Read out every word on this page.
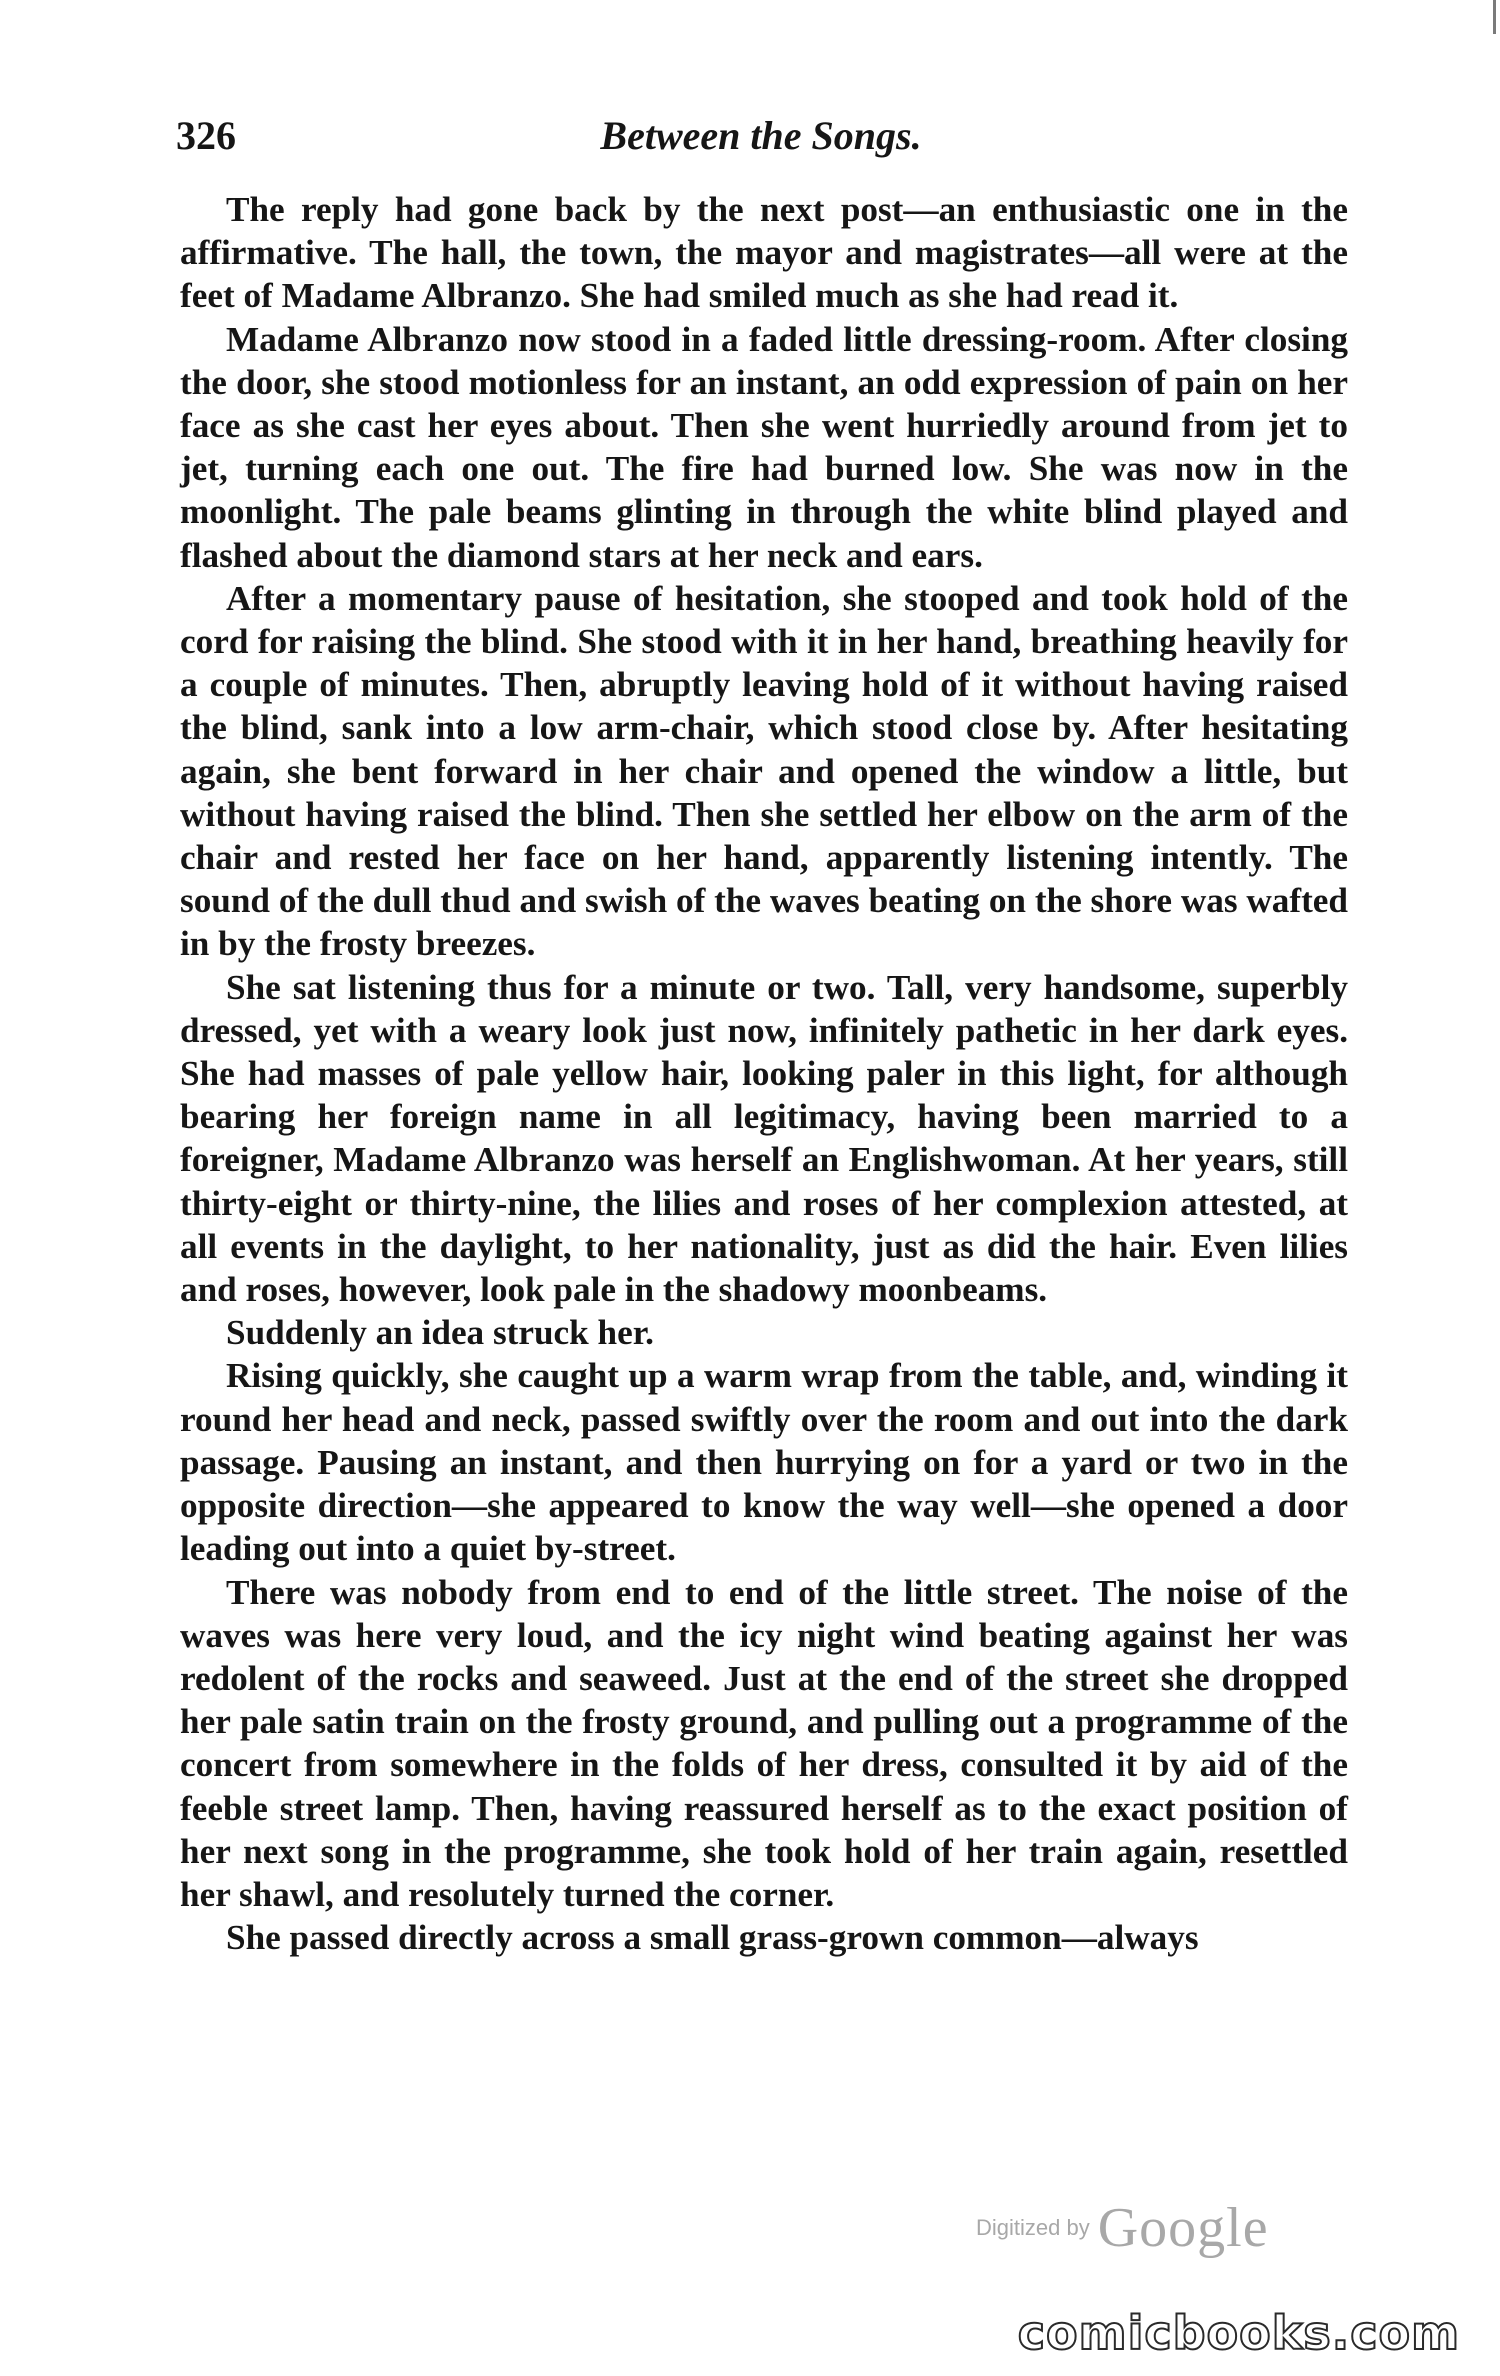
326	Between the Songs.

The reply had gone back by the next post—an enthusiastic one in the affirmative. The hall, the town, the mayor and magistrates—all were at the feet of Madame Albranzo. She had smiled much as she had read it.

Madame Albranzo now stood in a faded little dressing-room. After closing the door, she stood motionless for an instant, an odd expression of pain on her face as she cast her eyes about. Then she went hurriedly around from jet to jet, turning each one out. The fire had burned low. She was now in the moonlight. The pale beams glinting in through the white blind played and flashed about the diamond stars at her neck and ears.

After a momentary pause of hesitation, she stooped and took hold of the cord for raising the blind. She stood with it in her hand, breathing heavily for a couple of minutes. Then, abruptly leaving hold of it without having raised the blind, sank into a low arm-chair, which stood close by. After hesitating again, she bent forward in her chair and opened the window a little, but without having raised the blind. Then she settled her elbow on the arm of the chair and rested her face on her hand, apparently listening intently. The sound of the dull thud and swish of the waves beating on the shore was wafted in by the frosty breezes.

She sat listening thus for a minute or two. Tall, very handsome, superbly dressed, yet with a weary look just now, infinitely pathetic in her dark eyes. She had masses of pale yellow hair, looking paler in this light, for although bearing her foreign name in all legitimacy, having been married to a foreigner, Madame Albranzo was herself an Englishwoman. At her years, still thirty-eight or thirty-nine, the lilies and roses of her complexion attested, at all events in the daylight, to her nationality, just as did the hair. Even lilies and roses, however, look pale in the shadowy moonbeams.

Suddenly an idea struck her.

Rising quickly, she caught up a warm wrap from the table, and, winding it round her head and neck, passed swiftly over the room and out into the dark passage. Pausing an instant, and then hurrying on for a yard or two in the opposite direction—she appeared to know the way well—she opened a door leading out into a quiet by-street.

There was nobody from end to end of the little street. The noise of the waves was here very loud, and the icy night wind beating against her was redolent of the rocks and seaweed. Just at the end of the street she dropped her pale satin train on the frosty ground, and pulling out a programme of the concert from somewhere in the folds of her dress, consulted it by aid of the feeble street lamp. Then, having reassured herself as to the exact position of her next song in the programme, she took hold of her train again, resettled her shawl, and resolutely turned the corner.

She passed directly across a small grass-grown common—always

Digitized by Google
comicbooks.com
